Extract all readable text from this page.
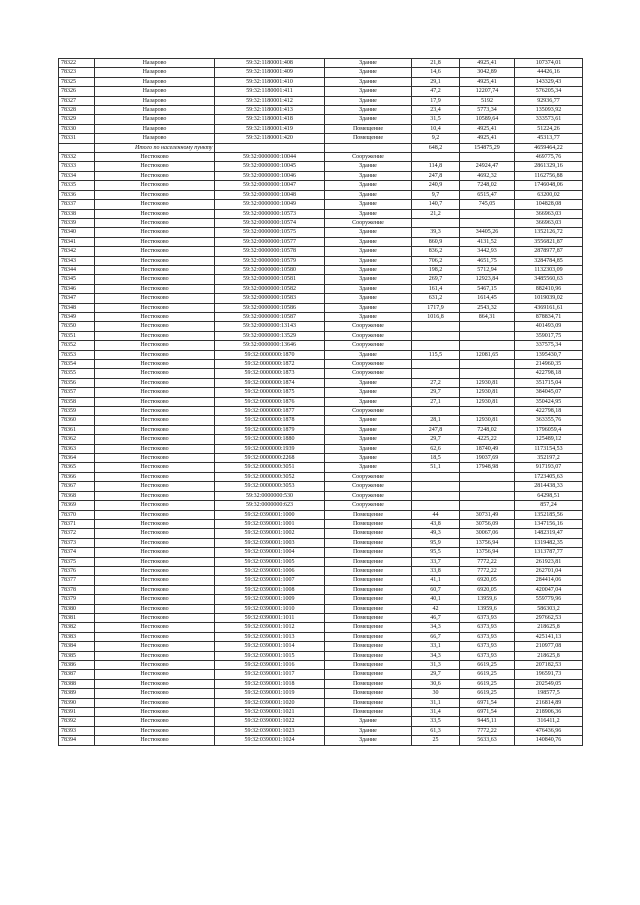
78322	Назарово	59:32:1180001:408	Здание	21,8	4925,41	107374,01
78323	Назарово	59:32:1180001:409	Здание	14,6	3042,89	44426,16
78325	Назарово	59:32:1180001:410	Здание	29,1	4925,41	143329,43
78326	Назарово	59:32:1180001:411	Здание	47,2	12207,74	576205,34
78327	Назарово	59:32:1180001:412	Здание	17,9	5192	92936,77
78328	Назарово	59:32:1180001:413	Здание	23,4	5773,34	135093,92
78329	Назарово	59:32:1180001:418	Здание	31,5	10589,64	333573,61
78330	Назарово	59:32:1180001:419	Помещение	10,4	4925,41	51224,26
78331	Назарово	59:32:1180001:420	Помещение	9,2	4925,41	45313,77
	Итого по населенному пункту			648,2	154875,29	4659464,22
78332	Нестюково	59:32:0000000:10044	Сооружение			469775,76
78333	Нестюково	59:32:0000000:10045	Здание	114,8	24924,47	2861329,16
78334	Нестюково	59:32:0000000:10046	Здание	247,8	4692,32	1162756,88
78335	Нестюково	59:32:0000000:10047	Здание	240,9	7248,02	1746048,06
78336	Нестюково	59:32:0000000:10048	Здание	9,7	6515,47	63200,02
78337	Нестюково	59:32:0000000:10049	Здание	140,7	745,05	104828,08
78338	Нестюково	59:32:0000000:10573	Здание	21,2		366963,03
78339	Нестюково	59:32:0000000:10574	Сооружение			366963,03
78340	Нестюково	59:32:0000000:10575	Здание	39,3	34405,26	1352126,72
78341	Нестюково	59:32:0000000:10577	Здание	860,9	4131,52	3556821,87
78342	Нестюково	59:32:0000000:10578	Здание	836,2	3442,93	2878977,87
78343	Нестюково	59:32:0000000:10579	Здание	706,2	4651,75	3284784,85
78344	Нестюково	59:32:0000000:10580	Здание	198,2	5712,94	1132303,09
78345	Нестюково	59:32:0000000:10581	Здание	269,7	12923,84	3485560,63
78346	Нестюково	59:32:0000000:10582	Здание	161,4	5467,15	882410,96
78347	Нестюково	59:32:0000000:10583	Здание	631,2	1614,45	1019039,02
78348	Нестюково	59:32:0000000:10586	Здание	1717,9	2543,32	4369161,61
78349	Нестюково	59:32:0000000:10587	Здание	1016,8	864,31	878834,71
78350	Нестюково	59:32:0000000:13143	Сооружение			401493,09
78351	Нестюково	59:32:0000000:13529	Сооружение			359017,75
78352	Нестюково	59:32:0000000:13646	Сооружение			337575,34
78353	Нестюково	59:32:0000000:1870	Здание	115,5	12081,65	1395430,7
78354	Нестюково	59:32:0000000:1872	Сооружение			214960,35
78355	Нестюково	59:32:0000000:1873	Сооружение			422798,18
78356	Нестюково	59:32:0000000:1874	Здание	27,2	12930,81	351715,04
78357	Нестюково	59:32:0000000:1875	Здание	29,7	12930,81	384045,07
78358	Нестюково	59:32:0000000:1876	Здание	27,1	12930,81	350424,95
78359	Нестюково	59:32:0000000:1877	Сооружение			422798,18
78360	Нестюково	59:32:0000000:1878	Здание	28,1	12930,81	363355,76
78361	Нестюково	59:32:0000000:1879	Здание	247,8	7248,02	1796059,4
78362	Нестюково	59:32:0000000:1880	Здание	29,7	4225,22	125489,12
78363	Нестюково	59:32:0000000:1939	Здание	62,6	18740,49	1173154,53
78364	Нестюково	59:32:0000000:2268	Здание	18,5	19037,69	352197,2
78365	Нестюково	59:32:0000000:3051	Здание	51,1	17948,98	917193,07
78366	Нестюково	59:32:0000000:3052	Сооружение			1723405,63
78367	Нестюково	59:32:0000000:3053	Сооружение			2814438,33
78368	Нестюково	59:32:0000000:530	Сооружение			64298,51
78369	Нестюково	59:32:0000000:623	Сооружение			857,24
78370	Нестюково	59:32:0390001:1000	Помещение	44	30731,49	1352185,56
78371	Нестюково	59:32:0390001:1001	Помещение	43,8	30756,09	1347156,16
78372	Нестюково	59:32:0390001:1002	Помещение	49,3	30067,06	1482319,47
78373	Нестюково	59:32:0390001:1003	Помещение	95,9	13756,94	1319482,35
78374	Нестюково	59:32:0390001:1004	Помещение	95,5	13756,94	1313787,77
78375	Нестюково	59:32:0390001:1005	Помещение	33,7	7772,22	261923,81
78376	Нестюково	59:32:0390001:1006	Помещение	33,8	7772,22	262701,04
78377	Нестюково	59:32:0390001:1007	Помещение	41,1	6920,05	284414,06
78378	Нестюково	59:32:0390001:1008	Помещение	60,7	6920,05	420047,04
78379	Нестюково	59:32:0390001:1009	Помещение	40,1	13959,6	559779,96
78380	Нестюково	59:32:0390001:1010	Помещение	42	13959,6	586303,2
78381	Нестюково	59:32:0390001:1011	Помещение	46,7	6373,93	297662,53
78382	Нестюково	59:32:0390001:1012	Помещение	34,3	6373,93	218625,8
78383	Нестюково	59:32:0390001:1013	Помещение	66,7	6373,93	425141,13
78384	Нестюково	59:32:0390001:1014	Помещение	33,1	6373,93	210977,08
78385	Нестюково	59:32:0390001:1015	Помещение	34,3	6373,93	218625,8
78386	Нестюково	59:32:0390001:1016	Помещение	31,3	6619,25	207182,53
78387	Нестюково	59:32:0390001:1017	Помещение	29,7	6619,25	196591,73
78388	Нестюково	59:32:0390001:1018	Помещение	30,6	6619,25	202549,05
78389	Нестюково	59:32:0390001:1019	Помещение	30	6619,25	198577,5
78390	Нестюково	59:32:0390001:1020	Помещение	31,1	6971,54	216814,89
78391	Нестюково	59:32:0390001:1021	Помещение	31,4	6971,54	218906,36
78392	Нестюково	59:32:0390001:1022	Здание	33,5	9445,11	316411,2
78393	Нестюково	59:32:0390001:1023	Здание	61,3	7772,22	476436,96
78394	Нестюково	59:32:0390001:1024	Здание	25	5633,63	140840,76
